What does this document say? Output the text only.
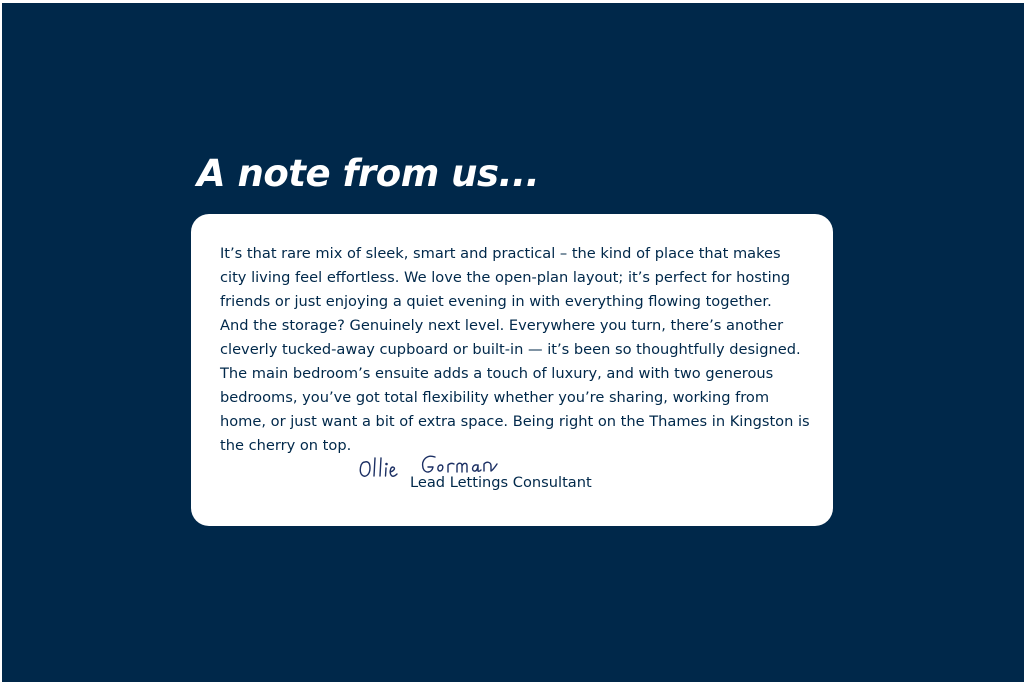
A note from us...

It’s that rare mix of sleek, smart and practical – the kind of place that makes
city living feel effortless. We love the open-plan layout; it’s perfect for hosting
friends or just enjoying a quiet evening in with everything flowing together.
And the storage? Genuinely next level. Everywhere you turn, there’s another
cleverly tucked-away cupboard or built-in — it’s been so thoughtfully designed.
The main bedroom’s ensuite adds a touch of luxury, and with two generous
bedrooms, you’ve got total flexibility whether you’re sharing, working from
home, or just want a bit of extra space. Being right on the Thames in Kingston is
the cherry on top.

Lead Lettings Consultant
